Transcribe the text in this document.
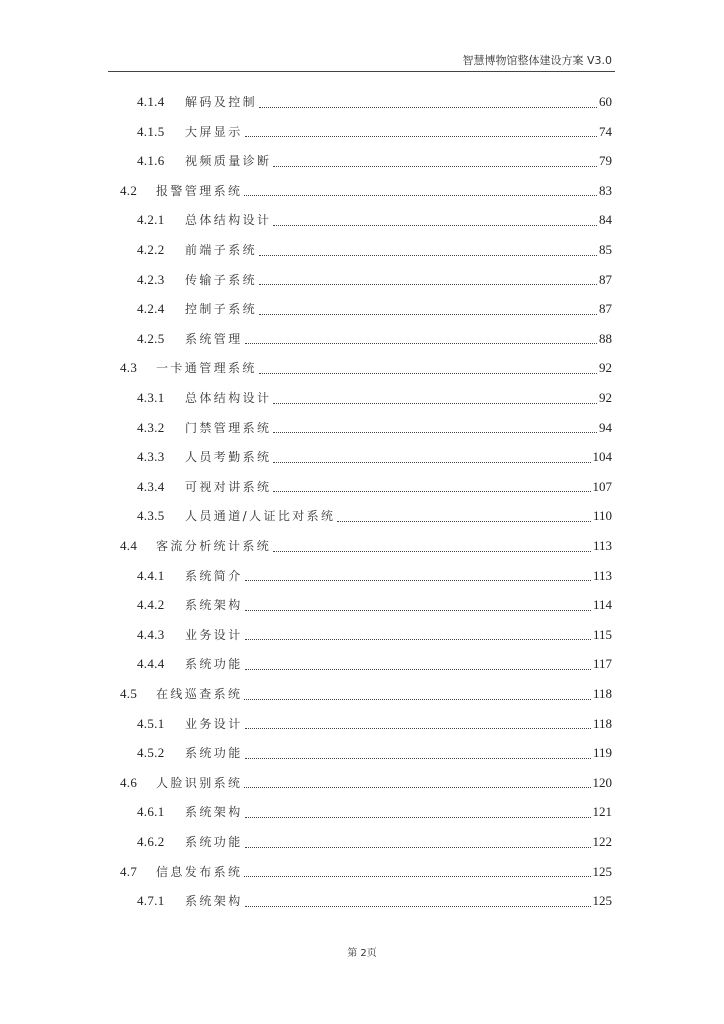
智慧博物馆整体建设方案 V3.0
4.1.4	解码及控制	60
4.1.5	大屏显示	74
4.1.6	视频质量诊断	79
4.2	报警管理系统	83
4.2.1	总体结构设计	84
4.2.2	前端子系统	85
4.2.3	传输子系统	87
4.2.4	控制子系统	87
4.2.5	系统管理	88
4.3	一卡通管理系统	92
4.3.1	总体结构设计	92
4.3.2	门禁管理系统	94
4.3.3	人员考勤系统	104
4.3.4	可视对讲系统	107
4.3.5	人员通道/人证比对系统	110
4.4	客流分析统计系统	113
4.4.1	系统简介	113
4.4.2	系统架构	114
4.4.3	业务设计	115
4.4.4	系统功能	117
4.5	在线巡查系统	118
4.5.1	业务设计	118
4.5.2	系统功能	119
4.6	人脸识别系统	120
4.6.1	系统架构	121
4.6.2	系统功能	122
4.7	信息发布系统	125
4.7.1	系统架构	125
第 2页
